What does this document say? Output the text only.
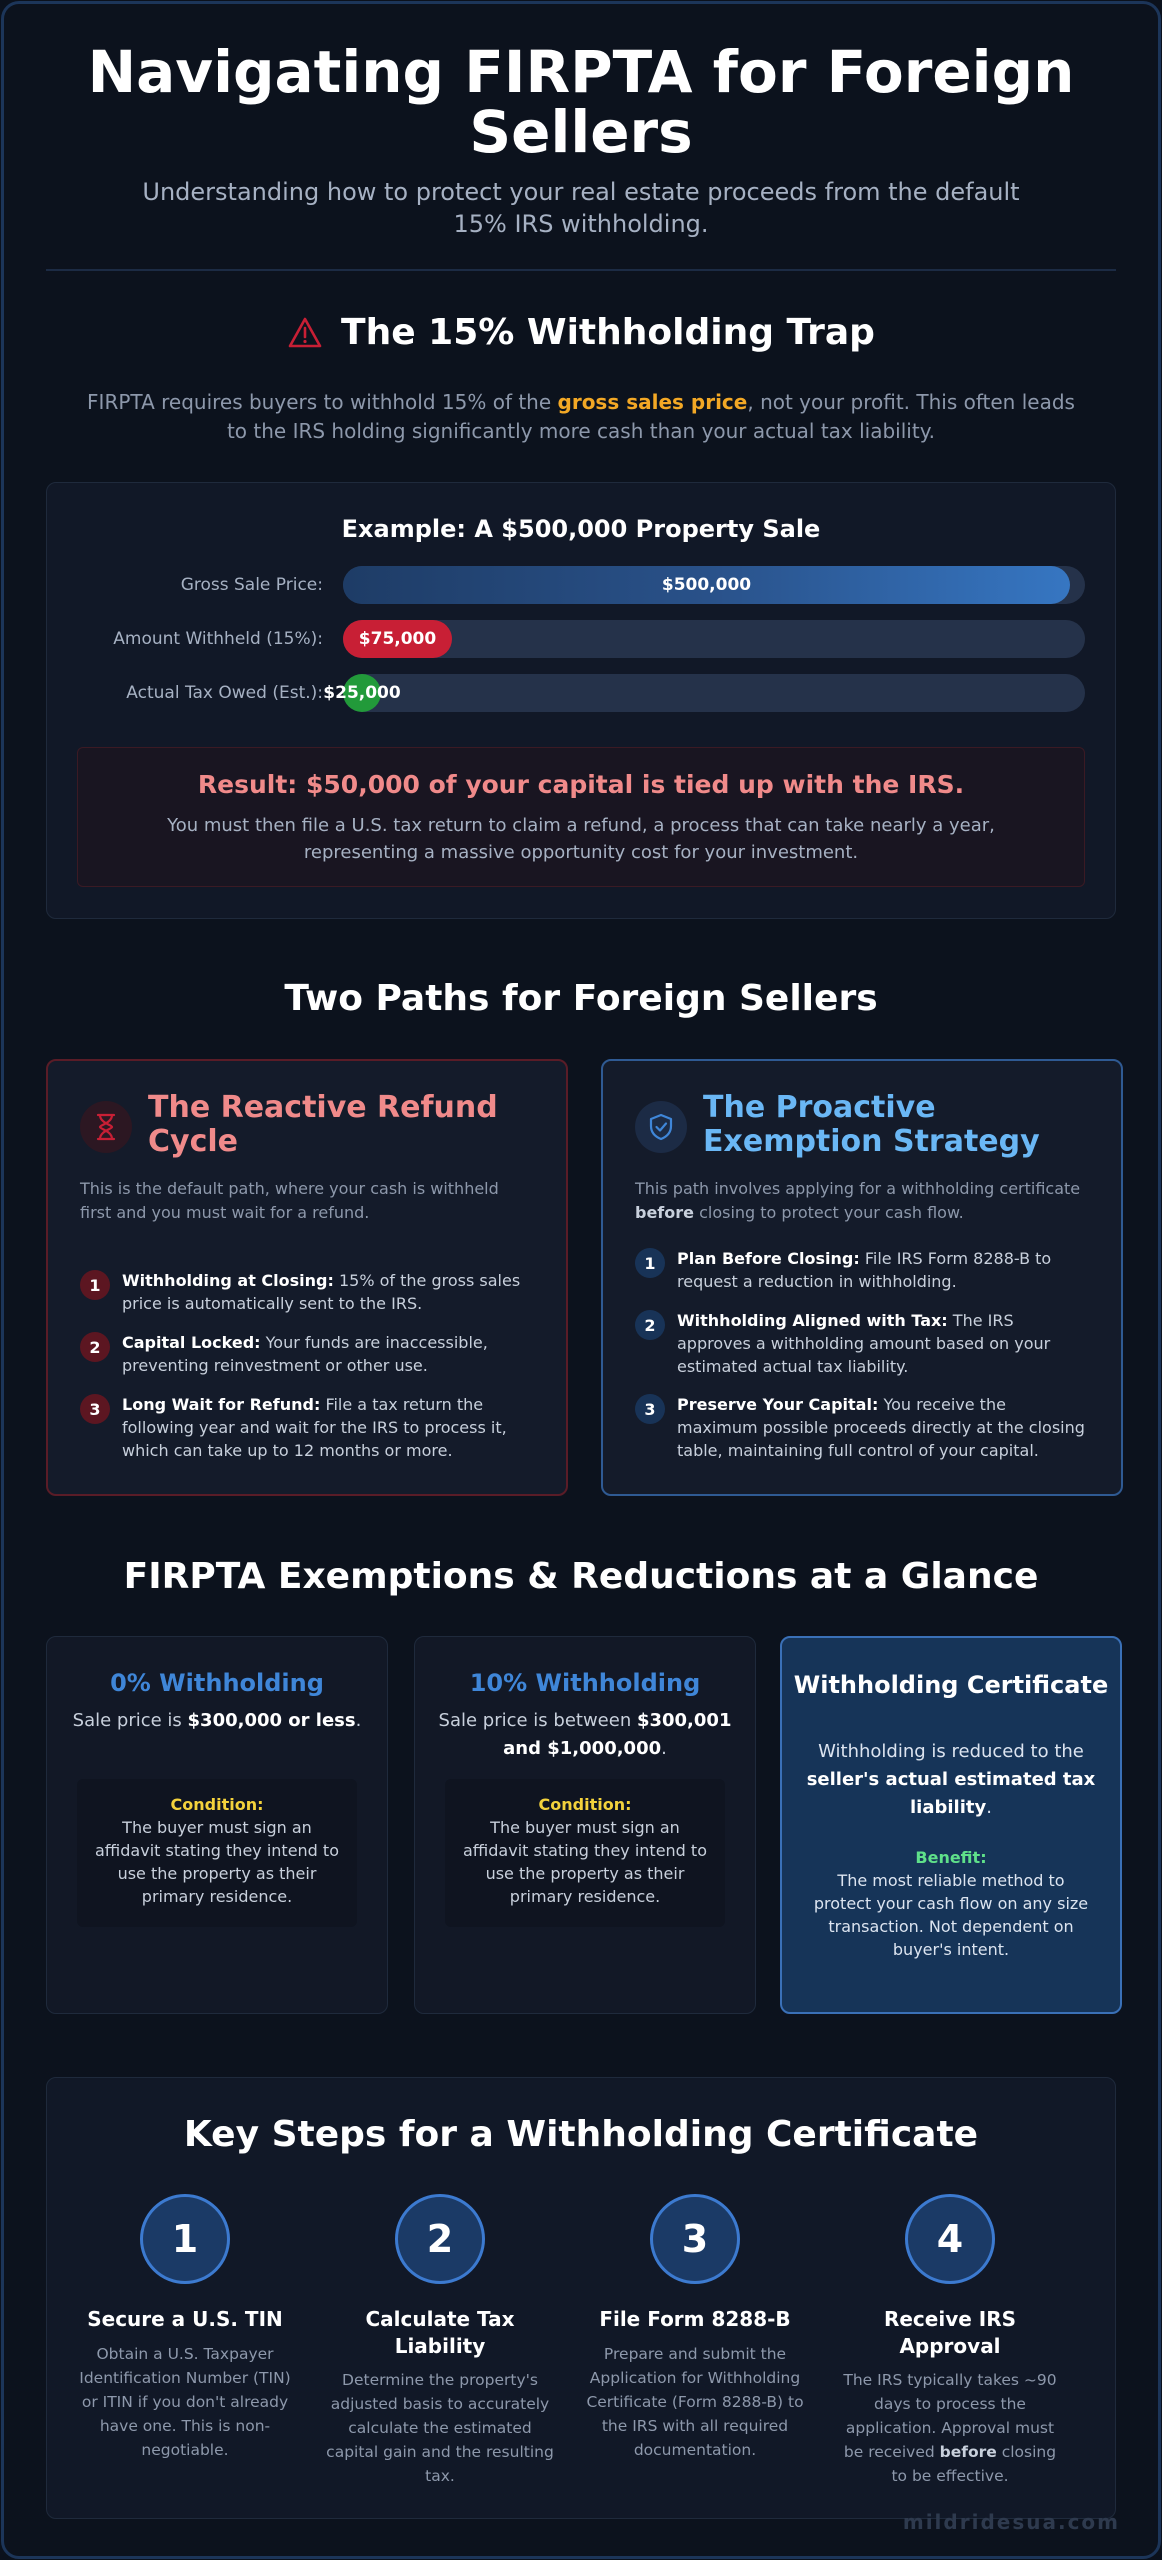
Navigating FIRPTA for Foreign Sellers

Understanding how to protect your real estate proceeds from the default 15% IRS withholding.

The 15% Withholding Trap

FIRPTA requires buyers to withhold 15% of the gross sales price, not your profit. This often leads to the IRS holding significantly more cash than your actual tax liability.

Example: A $500,000 Property Sale
Gross Sale Price:	$500,000
Amount Withheld (15%): $75,000
Actual Tax Owed (Est.): $25,000
Result: $50,000 of your capital is tied up with the IRS.
You must then file a U.S. tax return to claim a refund, a process that can take nearly a year, representing a massive opportunity cost for your investment.
Two Paths for Foreign Sellers
The Reactive Refund Cycle
This is the default path, where your cash is withheld first and you must wait for a refund.
1	Withholding at Closing: 15% of the gross sales price is automatically sent to the IRS.
2	Capital Locked: Your funds are inaccessible, preventing reinvestment or other use.
3	Long Wait for Refund: File a tax return the following year and wait for the IRS to process it, which can take up to 12 months or more.
The Proactive Exemption Strategy
This path involves applying for a withholding certificate before closing to protect your cash flow.
1	Plan Before Closing: File IRS Form 8288-B to request a reduction in withholding.
2	Withholding Aligned with Tax: The IRS approves a withholding amount based on your estimated actual tax liability.
3	Preserve Your Capital: You receive the maximum possible proceeds directly at the closing table, maintaining full control of your capital.
FIRPTA Exemptions & Reductions at a Glance
0% Withholding
Sale price is $300,000 or less.
Condition:
The buyer must sign an affidavit stating they intend to use the property as their primary residence.
10% Withholding
Sale price is between $300,001 and $1,000,000.
Condition:
The buyer must sign an affidavit stating they intend to use the property as their primary residence.
Withholding Certificate
Withholding is reduced to the seller's actual estimated tax liability.
Benefit:
The most reliable method to protect your cash flow on any size transaction. Not dependent on buyer's intent.
Key Steps for a Withholding Certificate
1
Secure a U.S. TIN
Obtain a U.S. Taxpayer Identification Number (TIN) or ITIN if you don't already have one. This is non-negotiable.
2
Calculate Tax Liability
Determine the property's adjusted basis to accurately calculate the estimated capital gain and the resulting tax.
3
File Form 8288-B
Prepare and submit the Application for Withholding Certificate (Form 8288-B) to the IRS with all required documentation.
4
Receive IRS Approval
The IRS typically takes ~90 days to process the application. Approval must be received before closing to be effective.
mildridesua.com
